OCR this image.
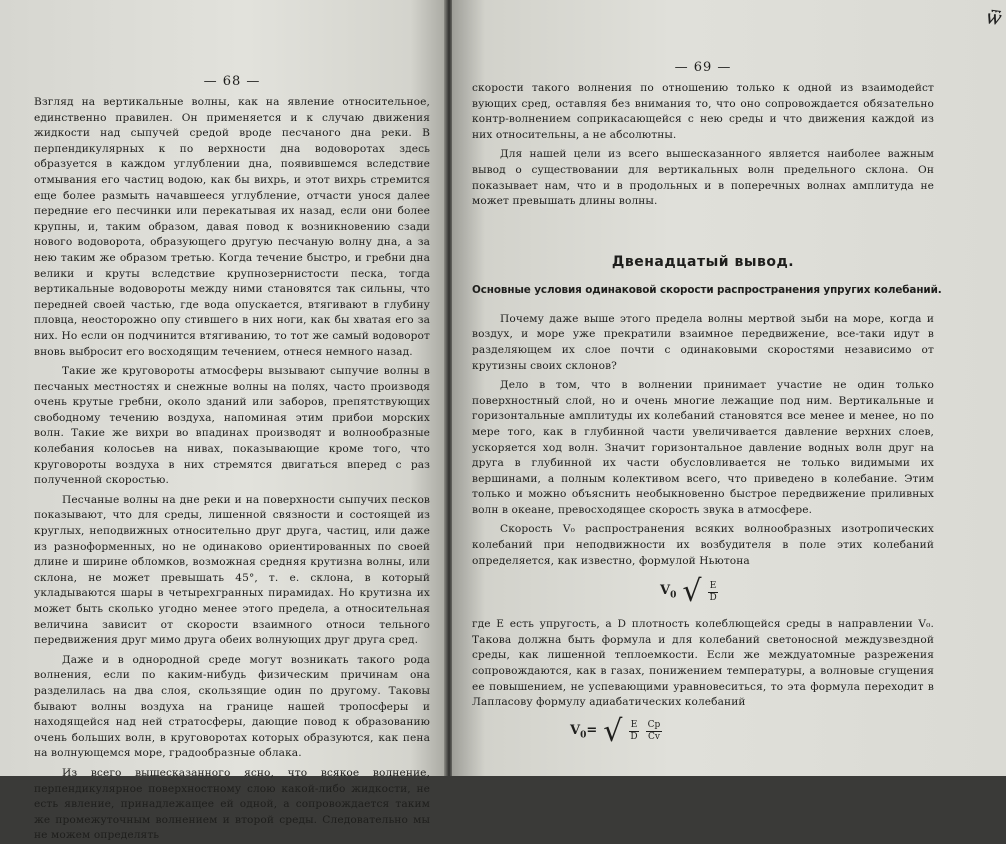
— 68 —

Взгляд на вертикальные волны, как на явление относительное, единственно правилен. Он применяется и к случаю движения жидкости над сыпучей средой вроде песчаного дна реки. В перпендикулярных к по верхности дна водоворотах здесь образуется в каждом углублении дна, появившемся вследствие отмывания его частиц водою, как бы вихрь, и этот вихрь стремится еще более размыть начавшееся углубление, отчасти унося далее передние его песчинки или перекатывая их назад, если они более крупны, и, таким образом, давая повод к возникновению сзади нового водоворота, образующего другую песчаную волну дна, а за нею таким же образом третью. Когда течение быстро, и гребни дна велики и круты вследствие крупнозернистости песка, тогда вертикальные водовороты между ними становятся так сильны, что передней своей частью, где вода опускается, втягивают в глубину пловца, неосторожно опу стившего в них ноги, как бы хватая его за них. Но если он подчинится втягиванию, то тот же самый водоворот вновь выбросит его восходящим течением, отнеся немного назад.

Такие же круговороты атмосферы вызывают сыпучие волны в песчаных местностях и снежные волны на полях, часто производя очень крутые гребни, около зданий или заборов, препятствующих свободному течению воздуха, напоминая этим прибои морских волн. Такие же вихри во впадинах производят и волнообразные колебания колосьев на нивах, показывающие кроме того, что круговороты воздуха в них стремятся двигаться вперед с раз полученной скоростью.

Песчаные волны на дне реки и на поверхности сыпучих песков показывают, что для среды, лишенной связности и состоящей из круглых, неподвижных относительно друг друга, частиц, или даже из разноформенных, но не одинаково ориентированных по своей длине и ширине обломков, возможная средняя крутизна волны, или склона, не может превышать 45°, т. е. склона, в который укладываются шары в четырехгранных пирамидах. Но крутизна их может быть сколько угодно менее этого предела, а относительная величина зависит от скорости взаимного относи тельного передвижения друг мимо друга обеих волнующих друг другa сред.

Даже и в однородной среде могут возникать такого рода волнения, если по каким-нибудь физическим причинам она разделилась на два слоя, скользящие один по другому. Таковы бывают волны воздуха на границе нашей тропосферы и находящейся над ней стратосферы, дающие повод к образованию очень больших волн, в круговоротах которых образуются, как пена на волнующемся море, градообразные облака.

Из всего вышесказанного ясно, что всякое волнение, перпендикулярное поверхностному слою какой-либо жидкости, не есть явление, принадлежащее ей одной, а сопровождается таким же промежуточным волнением и второй среды. Следовательно мы не можем определять

ѿ
— 69 —

скорости такого волнения по отношению только к одной из взаимодейст вующих сред, оставляя без внимания то, что оно сопровождается обязательно контр-волнением соприкасающейся с нею среды и что движения каждой из них относительны, а не абсолютны.

Для нашей цели из всего вышесказанного является наиболее важным вывод о существовании для вертикальных волн предельного склона. Он показывает нам, что и в продольных и в поперечных волнах амплитуда не может превышать длины волны.

Двенадцатый вывод.
Основные условия одинаковой скорости распространения упругих колебаний.

Почему даже выше этого предела волны мертвой зыби на море, когда и воздух, и море уже прекратили взаимное передвижение, все-таки идут в разделяющем их слое почти с одинаковыми скоростями независимо от крутизны своих склонов?

Дело в том, что в волнении принимает участие не один только поверхностный слой, но и очень многие лежащие под ним. Вертикальные и горизонтальные амплитуды их колебаний становятся все менее и менее, но по мере того, как в глубинной части увеличивается давление верхних слоев, ускоряется ход волн. Значит горизонтальное давление водных волн друг на друга в глубинной их части обусловливается не только видимыми их вершинами, а полным колективом всего, что приведено в колебание. Этим только и можно объяснить необыкновенно быстрое передвижение приливных волн в океане, превосходящее скорость звука в атмосфере.

Скорость V₀ распространения всяких волнообразных изотропических колебаний при неподвижности их возбудителя в поле этих колебаний определяется, как известно, формулой Ньютона

$V_0$ √ $\frac{E}{D}$

где E есть упругость, а D плотность колеблющейся среды в направлении V₀. Такова должна быть формула и для колебаний светоносной междузвездной среды, как лишенной теплоемкости. Если же междуатомные разрежения сопровождаются, как в газах, понижением температуры, а волновые сгущения ее повышением, не успевающими уравновеситься, то эта формула переходит в Лапласову формулу адиабатических колебаний

$V_0=$ √ $\frac{E}{D} \frac{Cp}{Cv}$
